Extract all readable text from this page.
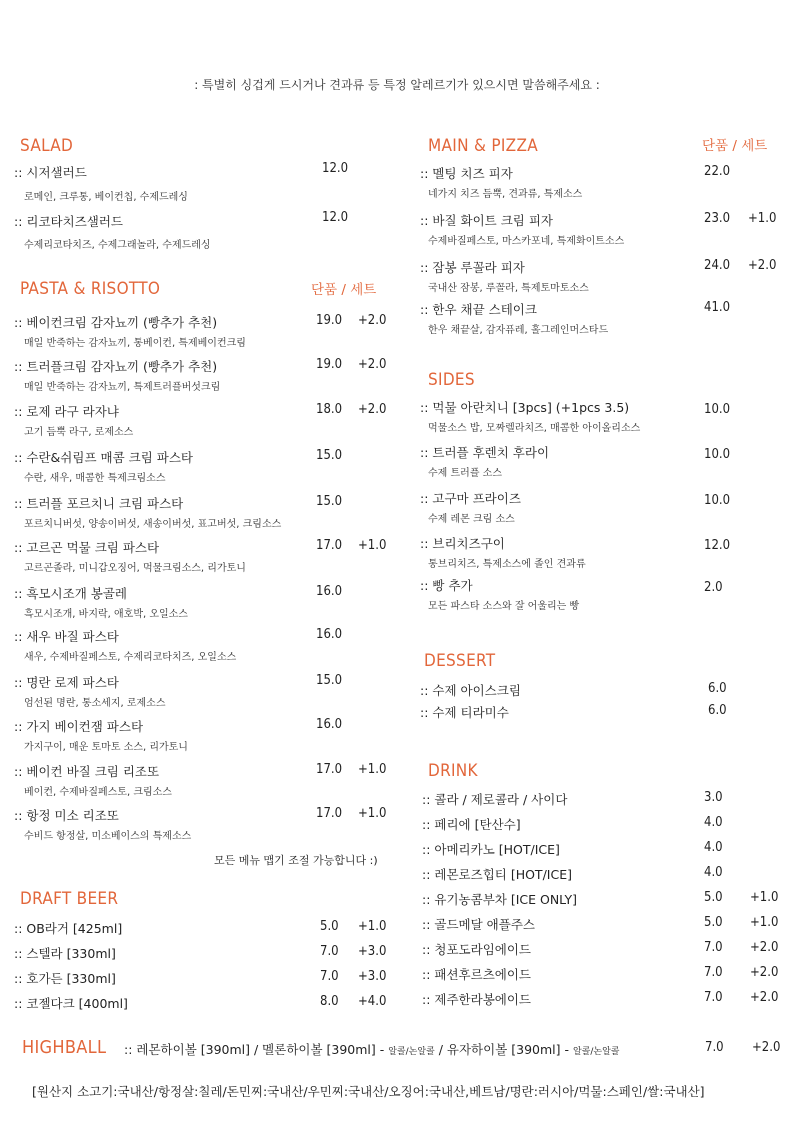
: 특별히 싱겁게 드시거나 견과류 등 특정 알레르기가 있으시면 말씀해주세요 :
SALAD
:: 시저샐러드
로메인, 크루통, 베이컨칩, 수제드레싱
12.0
:: 리코타치즈샐러드
수제리코타치즈, 수제그래놀라, 수제드레싱
12.0
PASTA & RISOTTO	단품 / 세트
:: 베이컨크림 감자뇨끼 (빵추가 추천)
매일 반죽하는 감자뇨끼, 통베이컨, 특제베이컨크림
19.0 +2.0
:: 트러플크림 감자뇨끼 (빵추가 추천)
매일 반죽하는 감자뇨끼, 특제트러플버섯크림
19.0 +2.0
:: 로제 라구 라자냐
고기 듬뿍 라구, 로제소스
18.0 +2.0
:: 수란&쉬림프 매콤 크림 파스타
수란, 새우, 매콤한 특제크림소스
15.0
:: 트러플 포르치니 크림 파스타
포르치니버섯, 양송이버섯, 새송이버섯, 표고버섯, 크림소스
15.0
:: 고르곤 먹물 크림 파스타
고르곤졸라, 미니갑오징어, 먹물크림소스, 리가토니
17.0 +1.0
:: 흑모시조개 봉골레
흑모시조개, 바지락, 애호박, 오일소스
16.0
:: 새우 바질 파스타
새우, 수제바질페스토, 수제리코타치즈, 오일소스
16.0
:: 명란 로제 파스타
엄선된 명란, 통소세지, 로제소스
15.0
:: 가지 베이컨잼 파스타
가지구이, 매운 토마토 소스, 리가토니
16.0
:: 베이컨 바질 크림 리조또
베이컨, 수제바질페스토, 크림소스
17.0 +1.0
:: 항정 미소 리조또
수비드 항정살, 미소베이스의 특제소스
17.0 +1.0
모든 메뉴 맵기 조절 가능합니다 :)
DRAFT BEER
:: OB라거 [425ml]	5.0 +1.0
:: 스텔라 [330ml]	7.0 +3.0
:: 호가든 [330ml]	7.0 +3.0
:: 코젤다크 [400ml]	8.0 +4.0
MAIN & PIZZA	단품 / 세트
:: 멜팅 치즈 피자
네가지 치즈 듬뿍, 견과류, 특제소스
22.0
:: 바질 화이트 크림 피자
수제바질페스토, 마스카포네, 특제화이트소스
23.0 +1.0
:: 잠봉 루꼴라 피자
국내산 잠봉, 루꼴라, 특제토마토소스
24.0 +2.0
:: 한우 채끝 스테이크
한우 채끝살, 감자퓨레, 홀그레인머스타드
41.0
SIDES
:: 먹물 아란치니 [3pcs] (+1pcs 3.5)
먹물소스 밥, 모짜렐라치즈, 매콤한 아이올리소스
10.0
:: 트러플 후렌치 후라이
수제 트러플 소스
10.0
:: 고구마 프라이즈
수제 레몬 크림 소스
10.0
:: 브리치즈구이
통브리치즈, 특제소스에 졸인 견과류
12.0
:: 빵 추가
모든 파스타 소스와 잘 어울리는 빵
2.0
DESSERT
:: 수제 아이스크림	6.0
:: 수제 티라미수	6.0
DRINK
:: 콜라 / 제로콜라 / 사이다	3.0
:: 페리에 [탄산수]	4.0
:: 아메리카노 [HOT/ICE]	4.0
:: 레몬로즈힙티 [HOT/ICE]	4.0
:: 유기농콤부차 [ICE ONLY]	5.0 +1.0
:: 골드메달 애플주스	5.0 +1.0
:: 청포도라임에이드	7.0 +2.0
:: 패션후르츠에이드	7.0 +2.0
:: 제주한라봉에이드	7.0 +2.0
HIGHBALL :: 레몬하이볼 [390ml] / 멜론하이볼 [390ml] - 알콜/논알콜 / 유자하이볼 [390ml] - 알콜/논알콜	7.0 +2.0
[원산지 소고기:국내산/항정살:칠레/돈민찌:국내산/우민찌:국내산/오징어:국내산,베트남/명란:러시아/먹물:스페인/쌀:국내산]
